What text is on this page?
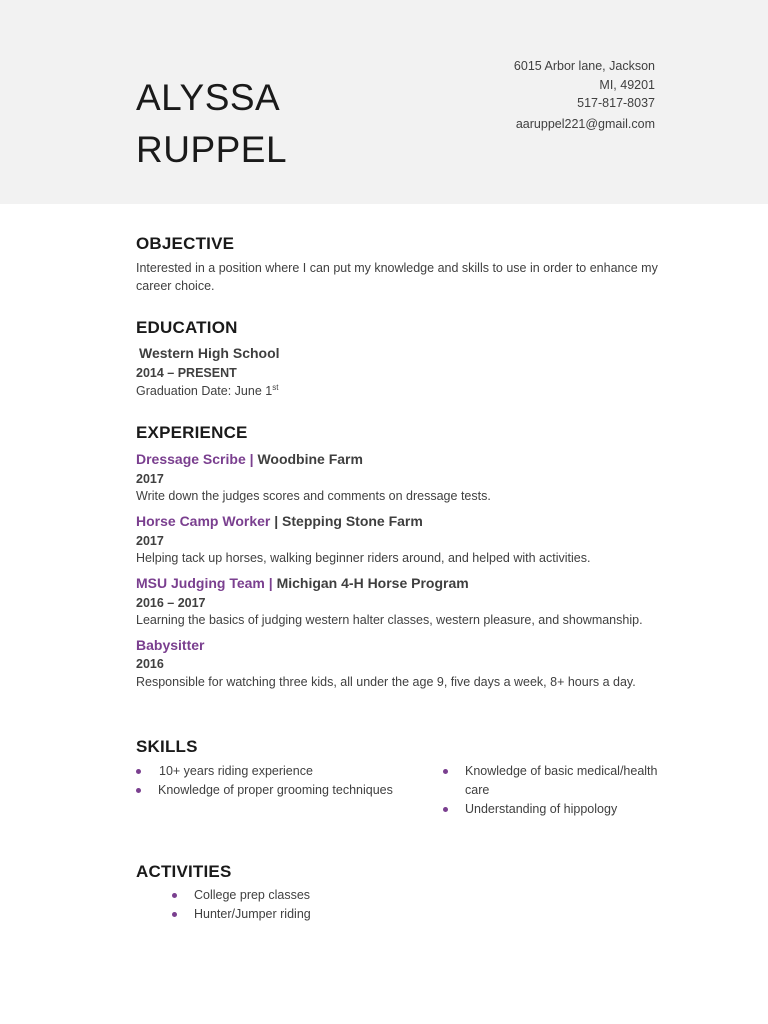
ALYSSA
RUPPEL
6015 Arbor lane, Jackson
MI, 49201
517-817-8037
aaruppel221@gmail.com
OBJECTIVE
Interested in a position where I can put my knowledge and skills to use in order to enhance my career choice.
EDUCATION
Western High School
2014 – PRESENT
Graduation Date: June 1st
EXPERIENCE
Dressage Scribe | Woodbine Farm
2017
Write down the judges scores and comments on dressage tests.
Horse Camp Worker | Stepping Stone Farm
2017
Helping tack up horses, walking beginner riders around, and helped with activities.
MSU Judging Team | Michigan 4-H Horse Program
2016 – 2017
Learning the basics of judging western halter classes, western pleasure, and showmanship.
Babysitter
2016
Responsible for watching three kids, all under the age 9, five days a week, 8+ hours a day.
SKILLS
10+ years riding experience
Knowledge of proper grooming techniques
Knowledge of basic medical/health care
Understanding of hippology
ACTIVITIES
College prep classes
Hunter/Jumper riding
